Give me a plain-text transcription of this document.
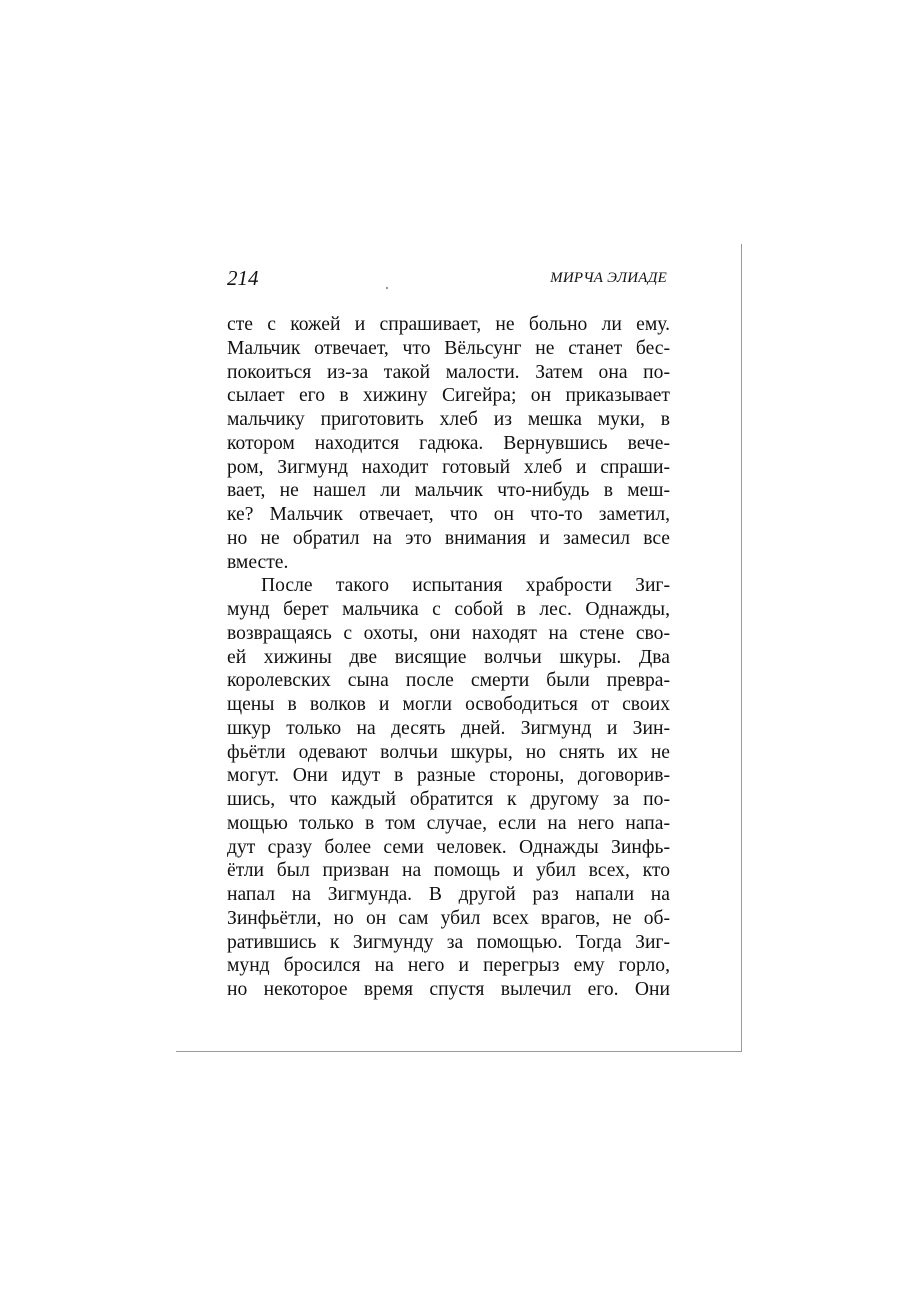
214	МИРЧА ЭЛИАДЕ
сте с кожей и спрашивает, не больно ли ему.
Мальчик отвечает, что Вёльсунг не станет бес-
покоиться из-за такой малости. Затем она по-
сылает его в хижину Сигейра; он приказывает
мальчику приготовить хлеб из мешка муки, в
котором находится гадюка. Вернувшись вече-
ром, Зигмунд находит готовый хлеб и спраши-
вает, не нашел ли мальчик что-нибудь в меш-
ке? Мальчик отвечает, что он что-то заметил,
но не обратил на это внимания и замесил все
вместе.
После такого испытания храбрости Зиг-
мунд берет мальчика с собой в лес. Однажды,
возвращаясь с охоты, они находят на стене сво-
ей хижины две висящие волчьи шкуры. Два
королевских сына после смерти были превра-
щены в волков и могли освободиться от своих
шкур только на десять дней. Зигмунд и Зин-
фьётли одевают волчьи шкуры, но снять их не
могут. Они идут в разные стороны, договорив-
шись, что каждый обратится к другому за по-
мощью только в том случае, если на него напа-
дут сразу более семи человек. Однажды Зинфь-
ётли был призван на помощь и убил всех, кто
напал на Зигмунда. В другой раз напали на
Зинфьётли, но он сам убил всех врагов, не об-
ратившись к Зигмунду за помощью. Тогда Зиг-
мунд бросился на него и перегрыз ему горло,
но некоторое время спустя вылечил его. Они
